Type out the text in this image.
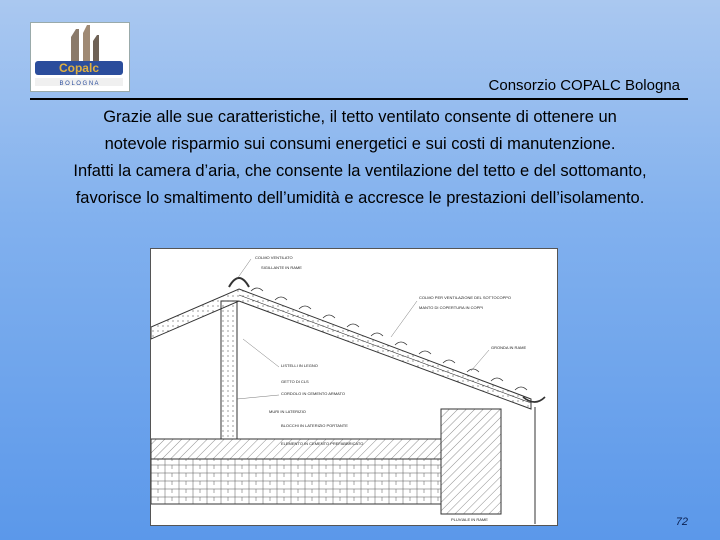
Copalc
B O L O G N A	Consorzio COPALC Bologna

Grazie alle sue caratteristiche, il tetto ventilato consente di ottenere un

notevole risparmio sui consumi energetici e sui costi di manutenzione.

Infatti la camera d’aria, che consente la ventilazione del tetto e del sottomanto,

favorisce lo smaltimento dell’umidità e accresce le prestazioni dell’isolamento.

COLMO VENTILATO
SIGILLANTE IN RAME
COLMO PER VENTILAZIONE DEL SOTTOCOPPO
MANTO DI COPERTURA IN COPPI
GRONDA IN RAME
LISTELLI IN LEGNO
GETTO DI CLS
CORDOLO IN CEMENTO ARMATO
MURI IN LATERIZIO
BLOCCHI IN LATERIZIO PORTANTE
ELEMENTO IN CEMENTO PREFABBRICATO
PLUVIALE IN RAME	72
